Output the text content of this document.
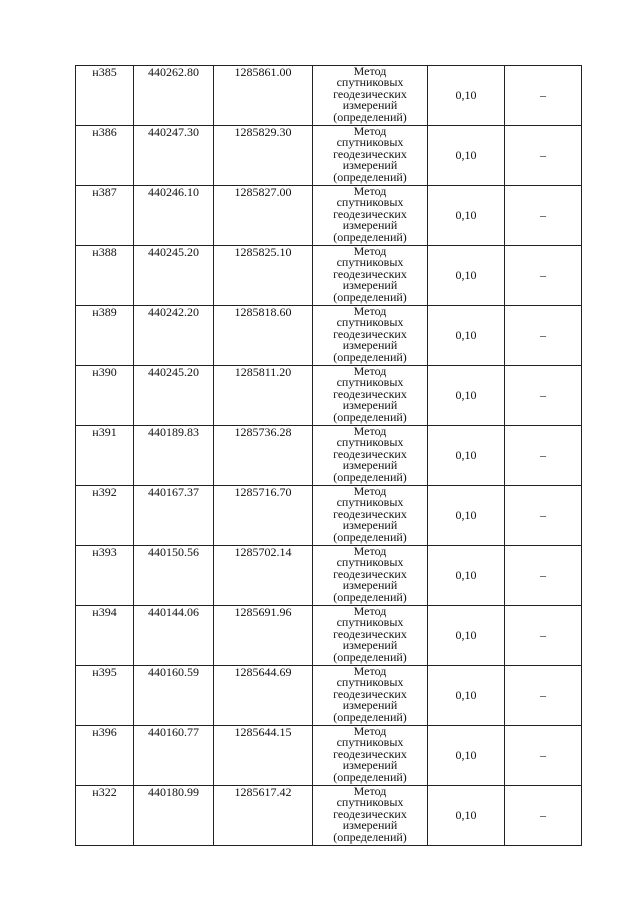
н385	440262.80	1285861.00	Метод
спутниковых
геодезических
измерений
(определений)	0,10	–
н386	440247.30	1285829.30	Метод
спутниковых
геодезических
измерений
(определений)	0,10	–
н387	440246.10	1285827.00	Метод
спутниковых
геодезических
измерений
(определений)	0,10	–
н388	440245.20	1285825.10	Метод
спутниковых
геодезических
измерений
(определений)	0,10	–
н389	440242.20	1285818.60	Метод
спутниковых
геодезических
измерений
(определений)	0,10	–
н390	440245.20	1285811.20	Метод
спутниковых
геодезических
измерений
(определений)	0,10	–
н391	440189.83	1285736.28	Метод
спутниковых
геодезических
измерений
(определений)	0,10	–
н392	440167.37	1285716.70	Метод
спутниковых
геодезических
измерений
(определений)	0,10	–
н393	440150.56	1285702.14	Метод
спутниковых
геодезических
измерений
(определений)	0,10	–
н394	440144.06	1285691.96	Метод
спутниковых
геодезических
измерений
(определений)	0,10	–
н395	440160.59	1285644.69	Метод
спутниковых
геодезических
измерений
(определений)	0,10	–
н396	440160.77	1285644.15	Метод
спутниковых
геодезических
измерений
(определений)	0,10	–
н322	440180.99	1285617.42	Метод
спутниковых
геодезических
измерений
(определений)	0,10	–
